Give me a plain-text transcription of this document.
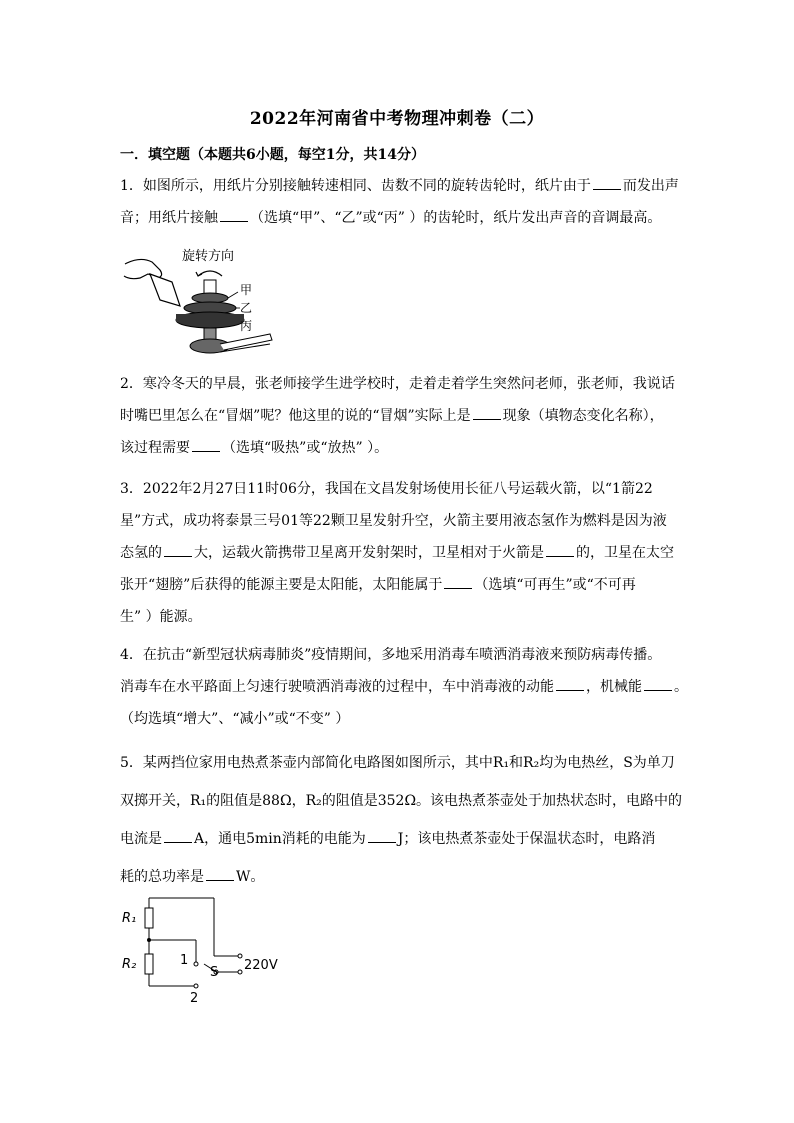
2022年河南省中考物理冲刺卷（二）
一．填空题（本题共6小题，每空1分，共14分）
1．如图所示，用纸片分别接触转速相同、齿数不同的旋转齿轮时，纸片由于 而发出声
音；用纸片接触 （选填“甲”、“乙”或“丙” ）的齿轮时，纸片发出声音的音调最高。
旋转方向
甲
乙
丙
2．寒冷冬天的早晨，张老师接学生进学校时，走着走着学生突然问老师，张老师，我说话
时嘴巴里怎么在“冒烟”呢？他这里的说的“冒烟”实际上是 现象（填物态变化名称），
该过程需要 （选填“吸热”或“放热” ）。
3．2022年2月27日11时06分，我国在文昌发射场使用长征八号运载火箭，以“1箭22
星”方式，成功将泰景三号01等22颗卫星发射升空，火箭主要用液态氢作为燃料是因为液
态氢的 大，运载火箭携带卫星离开发射架时，卫星相对于火箭是 的，卫星在太空
张开“翅膀”后获得的能源主要是太阳能，太阳能属于 （选填“可再生”或“不可再
生” ）能源。
4．在抗击“新型冠状病毒肺炎”疫情期间，多地采用消毒车喷洒消毒液来预防病毒传播。
消毒车在水平路面上匀速行驶喷洒消毒液的过程中，车中消毒液的动能 ，机械能 。
（均选填“增大”、“减小”或“不变” ）
5．某两挡位家用电热煮茶壶内部简化电路图如图所示，其中R₁和R₂均为电热丝，S为单刀
双掷开关，R₁的阻值是88Ω，R₂的阻值是352Ω。该电热煮茶壶处于加热状态时，电路中的
电流是 A，通电5min消耗的电能为 J；该电热煮茶壶处于保温状态时，电路消
耗的总功率是 W。
R₁
R₂	1
2
S 220V
